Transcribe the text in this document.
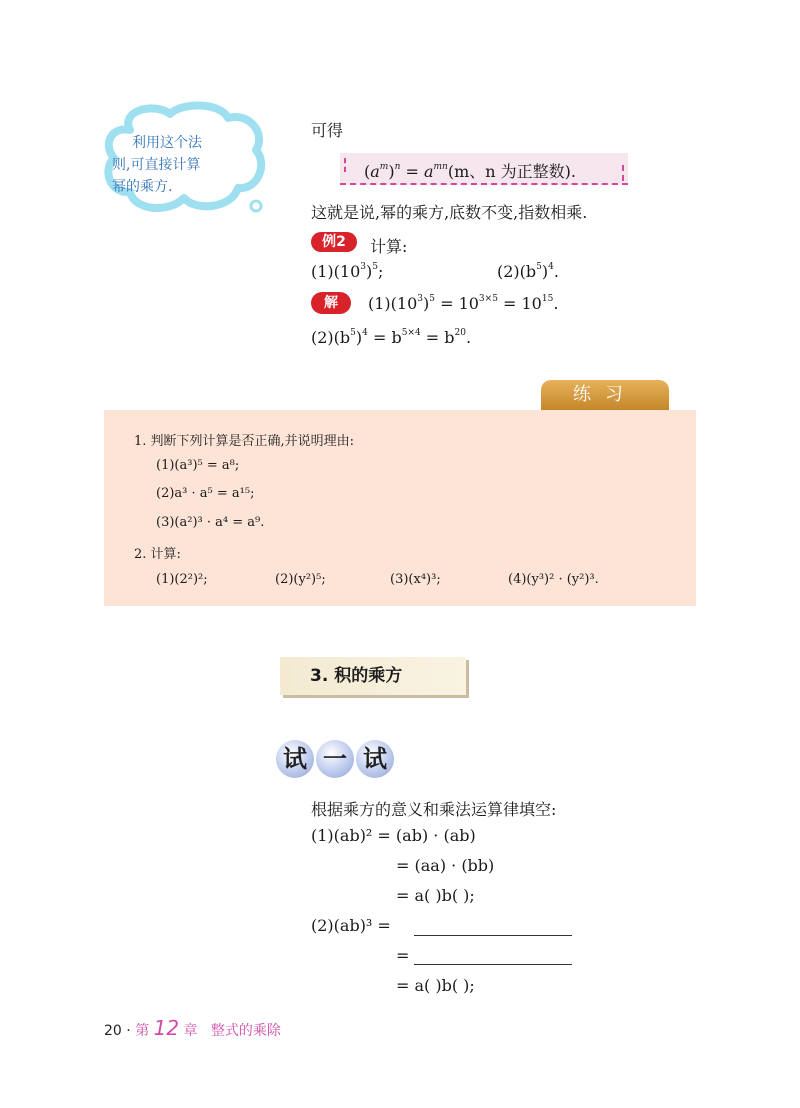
利用这个法
则,可直接计算
幂的乘方.
可得
$(a^m)^n = a^{mn}(m$、n 为正整数).
这就是说,幂的乘方,底数不变,指数相乘.
例2	计算:
$(1)(10^3)^5$;	$(2)(b^5)^4$.
解	$(1)(10^3)^5 = 10^{3\times 5} = 10^{15}$.
$(2)(b^5)^4 = b^{5\times 4} = b^{20}$.
练习
1. 判断下列计算是否正确,并说明理由:
(1)(a³)⁵ = a⁸;
(2)a³ · a⁵ = a¹⁵;
(3)(a²)³ · a⁴ = a⁹.
2. 计算:
(1)(2²)²;	(2)(y²)⁵;	(3)(x⁴)³;	(4)(y³)² · (y²)³.
3. 积的乘方
试 一 试
根据乘方的意义和乘法运算律填空:
(1)(ab)² = (ab) · (ab)
= (aa) · (bb)
= a( )b( );
(2)(ab)³ =
=
= a( )b( );
20 · 第 12 章 整式的乘除
